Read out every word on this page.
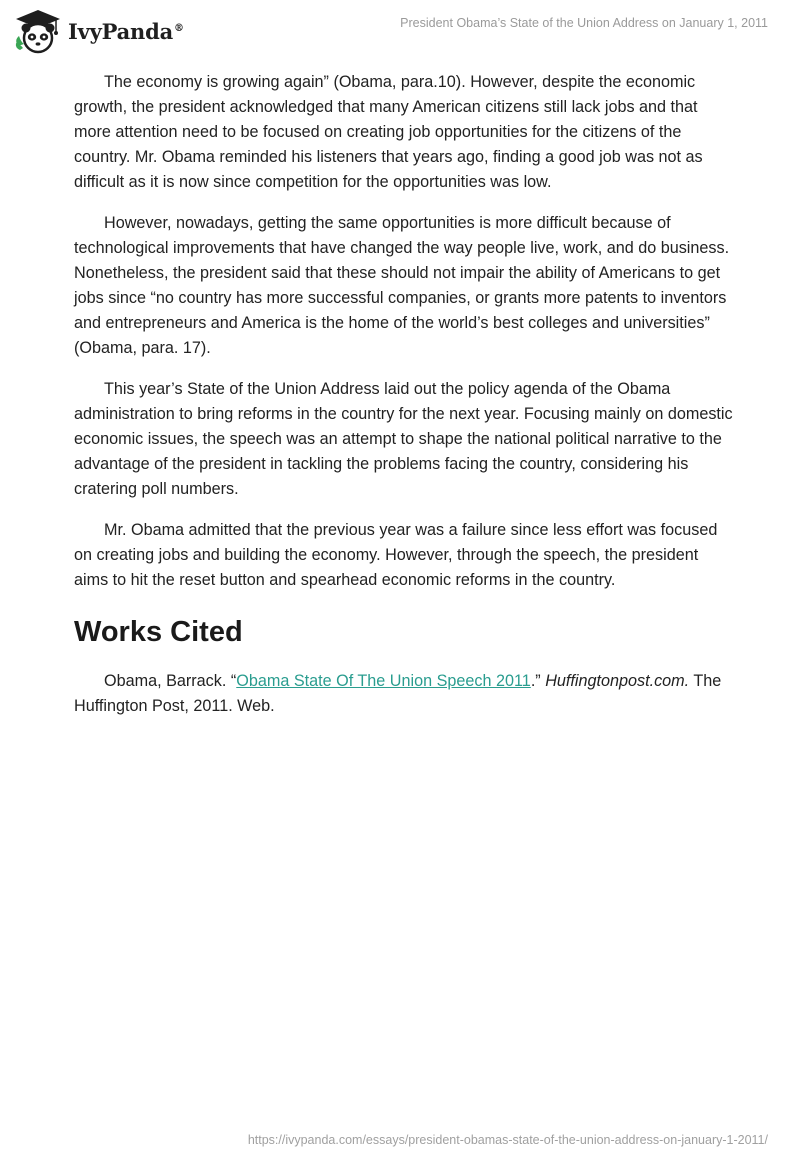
IvyPanda®	President Obama’s State of the Union Address on January 1, 2011

The economy is growing again” (Obama, para.10). However, despite the economic growth, the president acknowledged that many American citizens still lack jobs and that more attention need to be focused on creating job opportunities for the citizens of the country. Mr. Obama reminded his listeners that years ago, finding a good job was not as difficult as it is now since competition for the opportunities was low.

However, nowadays, getting the same opportunities is more difficult because of technological improvements that have changed the way people live, work, and do business. Nonetheless, the president said that these should not impair the ability of Americans to get jobs since “no country has more successful companies, or grants more patents to inventors and entrepreneurs and America is the home of the world’s best colleges and universities” (Obama, para. 17).

This year’s State of the Union Address laid out the policy agenda of the Obama administration to bring reforms in the country for the next year. Focusing mainly on domestic economic issues, the speech was an attempt to shape the national political narrative to the advantage of the president in tackling the problems facing the country, considering his cratering poll numbers.

Mr. Obama admitted that the previous year was a failure since less effort was focused on creating jobs and building the economy. However, through the speech, the president aims to hit the reset button and spearhead economic reforms in the country.

Works Cited

Obama, Barrack. “Obama State Of The Union Speech 2011.” Huffingtonpost.com. The Huffington Post, 2011. Web.

https://ivypanda.com/essays/president-obamas-state-of-the-union-address-on-january-1-2011/
